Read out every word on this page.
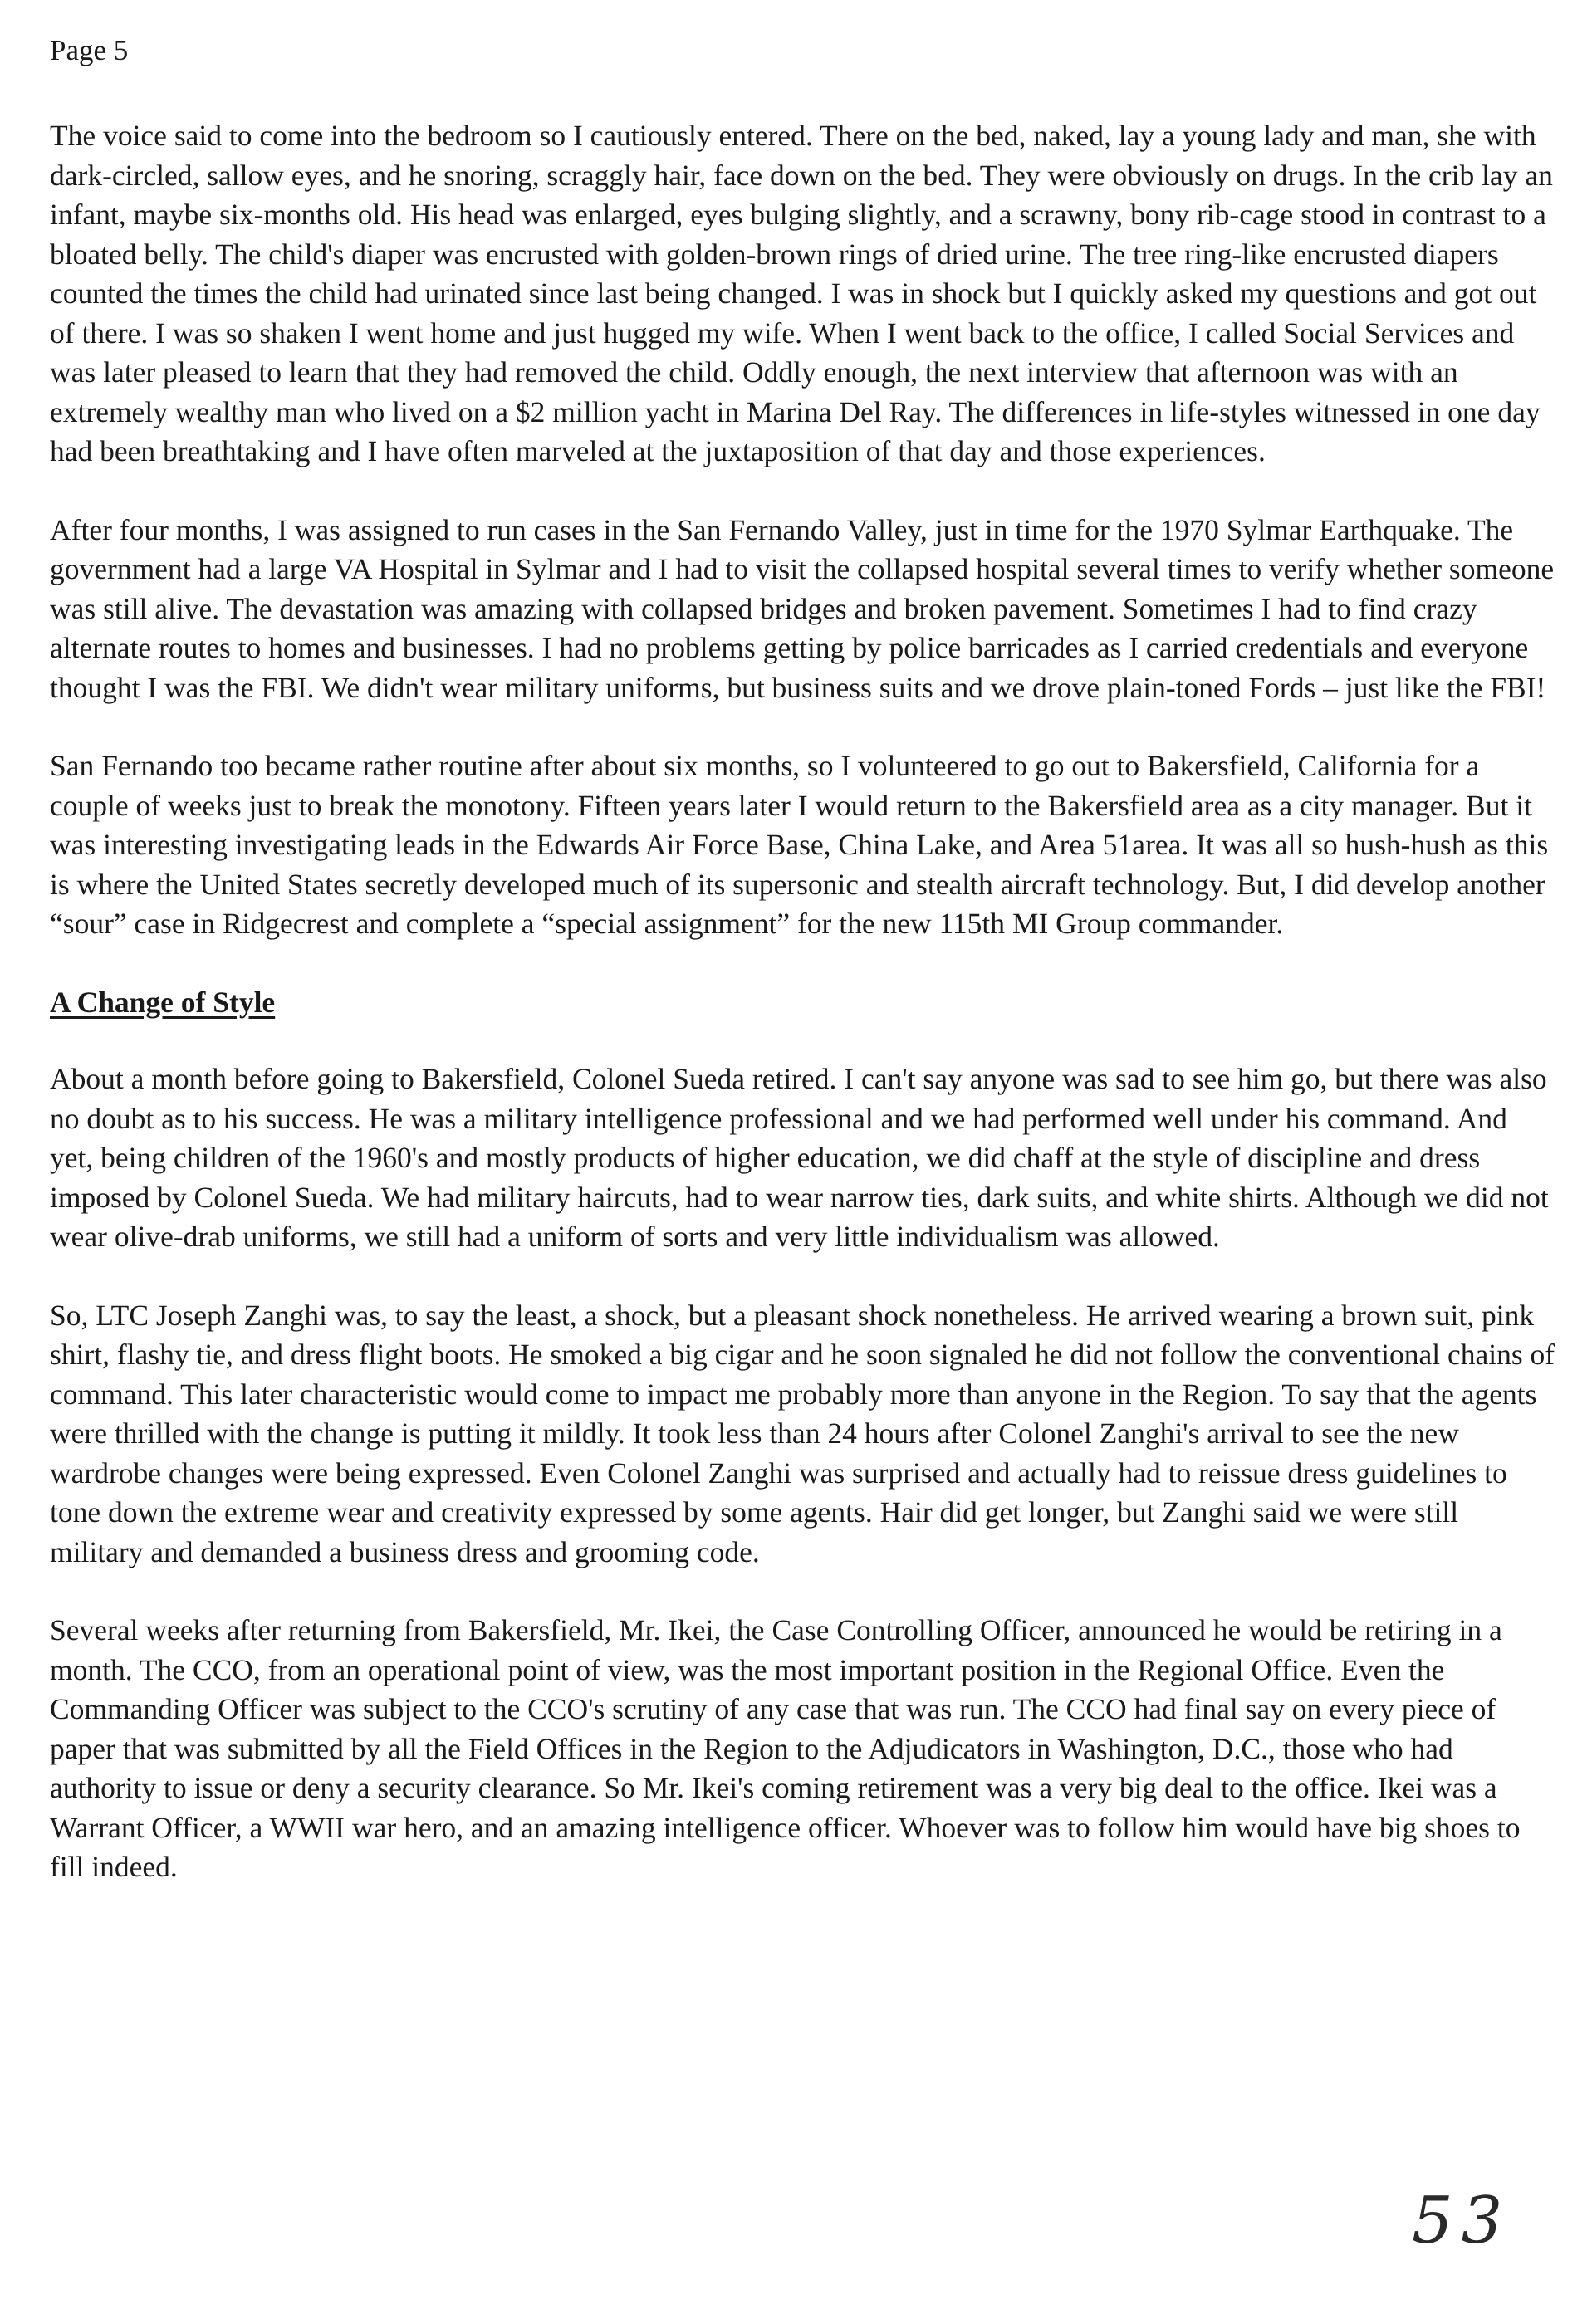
Page 5

The voice said to come into the bedroom so I cautiously entered. There on the bed, naked, lay a young lady and man, she with dark-circled, sallow eyes, and he snoring, scraggly hair, face down on the bed. They were obviously on drugs. In the crib lay an infant, maybe six-months old. His head was enlarged, eyes bulging slightly, and a scrawny, bony rib-cage stood in contrast to a bloated belly. The child's diaper was encrusted with golden-brown rings of dried urine. The tree ring-like encrusted diapers counted the times the child had urinated since last being changed. I was in shock but I quickly asked my questions and got out of there. I was so shaken I went home and just hugged my wife. When I went back to the office, I called Social Services and was later pleased to learn that they had removed the child. Oddly enough, the next interview that afternoon was with an extremely wealthy man who lived on a $2 million yacht in Marina Del Ray. The differences in life-styles witnessed in one day had been breathtaking and I have often marveled at the juxtaposition of that day and those experiences.

After four months, I was assigned to run cases in the San Fernando Valley, just in time for the 1970 Sylmar Earthquake. The government had a large VA Hospital in Sylmar and I had to visit the collapsed hospital several times to verify whether someone was still alive. The devastation was amazing with collapsed bridges and broken pavement. Sometimes I had to find crazy alternate routes to homes and businesses. I had no problems getting by police barricades as I carried credentials and everyone thought I was the FBI. We didn't wear military uniforms, but business suits and we drove plain-toned Fords – just like the FBI!

San Fernando too became rather routine after about six months, so I volunteered to go out to Bakersfield, California for a couple of weeks just to break the monotony. Fifteen years later I would return to the Bakersfield area as a city manager. But it was interesting investigating leads in the Edwards Air Force Base, China Lake, and Area 51area. It was all so hush-hush as this is where the United States secretly developed much of its supersonic and stealth aircraft technology. But, I did develop another “sour” case in Ridgecrest and complete a “special assignment” for the new 115th MI Group commander.

A Change of Style

About a month before going to Bakersfield, Colonel Sueda retired. I can't say anyone was sad to see him go, but there was also no doubt as to his success. He was a military intelligence professional and we had performed well under his command. And yet, being children of the 1960's and mostly products of higher education, we did chaff at the style of discipline and dress imposed by Colonel Sueda. We had military haircuts, had to wear narrow ties, dark suits, and white shirts. Although we did not wear olive-drab uniforms, we still had a uniform of sorts and very little individualism was allowed.

So, LTC Joseph Zanghi was, to say the least, a shock, but a pleasant shock nonetheless. He arrived wearing a brown suit, pink shirt, flashy tie, and dress flight boots. He smoked a big cigar and he soon signaled he did not follow the conventional chains of command. This later characteristic would come to impact me probably more than anyone in the Region. To say that the agents were thrilled with the change is putting it mildly. It took less than 24 hours after Colonel Zanghi's arrival to see the new wardrobe changes were being expressed. Even Colonel Zanghi was surprised and actually had to reissue dress guidelines to tone down the extreme wear and creativity expressed by some agents. Hair did get longer, but Zanghi said we were still military and demanded a business dress and grooming code.

Several weeks after returning from Bakersfield, Mr. Ikei, the Case Controlling Officer, announced he would be retiring in a month. The CCO, from an operational point of view, was the most important position in the Regional Office. Even the Commanding Officer was subject to the CCO's scrutiny of any case that was run. The CCO had final say on every piece of paper that was submitted by all the Field Offices in the Region to the Adjudicators in Washington, D.C., those who had authority to issue or deny a security clearance. So Mr. Ikei's coming retirement was a very big deal to the office. Ikei was a Warrant Officer, a WWII war hero, and an amazing intelligence officer. Whoever was to follow him would have big shoes to fill indeed.

53
